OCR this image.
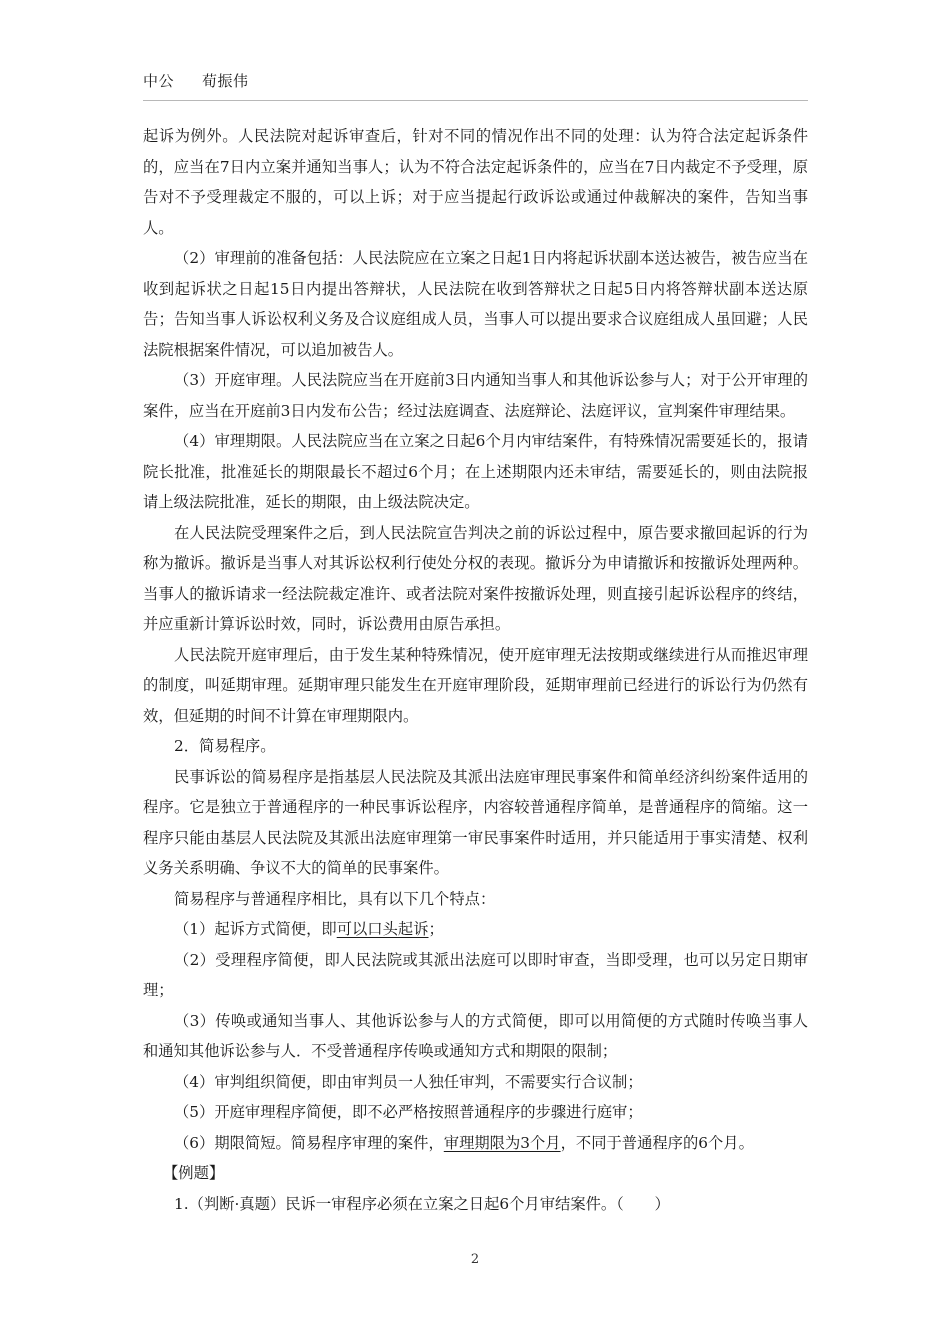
中公 荀振伟

起诉为例外。人民法院对起诉审查后，针对不同的情况作出不同的处理：认为符合法定起诉条件的，应当在7日内立案并通知当事人；认为不符合法定起诉条件的，应当在7日内裁定不予受理，原告对不予受理裁定不服的，可以上诉；对于应当提起行政诉讼或通过仲裁解决的案件，告知当事人。

（2）审理前的准备包括：人民法院应在立案之日起1日内将起诉状副本送达被告，被告应当在收到起诉状之日起15日内提出答辩状，人民法院在收到答辩状之日起5日内将答辩状副本送达原告；告知当事人诉讼权利义务及合议庭组成人员，当事人可以提出要求合议庭组成人虽回避；人民法院根据案件情况，可以追加被告人。

（3）开庭审理。人民法院应当在开庭前3日内通知当事人和其他诉讼参与人；对于公开审理的案件，应当在开庭前3日内发布公告；经过法庭调查、法庭辩论、法庭评议，宣判案件审理结果。

（4）审理期限。人民法院应当在立案之日起6个月内审结案件，有特殊情况需要延长的，报请院长批准，批准延长的期限最长不超过6个月；在上述期限内还未审结，需要延长的，则由法院报请上级法院批准，延长的期限，由上级法院决定。

在人民法院受理案件之后，到人民法院宣告判决之前的诉讼过程中，原告要求撤回起诉的行为称为撤诉。撤诉是当事人对其诉讼权利行使处分权的表现。撤诉分为申请撤诉和按撤诉处理两种。当事人的撤诉请求一经法院裁定准许、或者法院对案件按撤诉处理，则直接引起诉讼程序的终结，并应重新计算诉讼时效，同时，诉讼费用由原告承担。

人民法院开庭审理后，由于发生某种特殊情况，使开庭审理无法按期或继续进行从而推迟审理的制度，叫延期审理。延期审理只能发生在开庭审理阶段，延期审理前已经进行的诉讼行为仍然有效，但延期的时间不计算在审理期限内。

2．简易程序。

民事诉讼的简易程序是指基层人民法院及其派出法庭审理民事案件和简单经济纠纷案件适用的程序。它是独立于普通程序的一种民事诉讼程序，内容较普通程序简单，是普通程序的简缩。这一程序只能由基层人民法院及其派出法庭审理第一审民事案件时适用，并只能适用于事实清楚、权利义务关系明确、争议不大的简单的民事案件。

简易程序与普通程序相比，具有以下几个特点：

（1）起诉方式简便，即可以口头起诉；

（2）受理程序简便，即人民法院或其派出法庭可以即时审查，当即受理，也可以另定日期审理；

（3）传唤或通知当事人、其他诉讼参与人的方式简便，即可以用简便的方式随时传唤当事人和通知其他诉讼参与人．不受普通程序传唤或通知方式和期限的限制；

（4）审判组织简便，即由审判员一人独任审判，不需要实行合议制；

（5）开庭审理程序简便，即不必严格按照普通程序的步骤进行庭审；

（6）期限简短。简易程序审理的案件，审理期限为3个月，不同于普通程序的6个月。

【例题】

1.（判断·真题）民诉一审程序必须在立案之日起6个月审结案件。（　　）

2
